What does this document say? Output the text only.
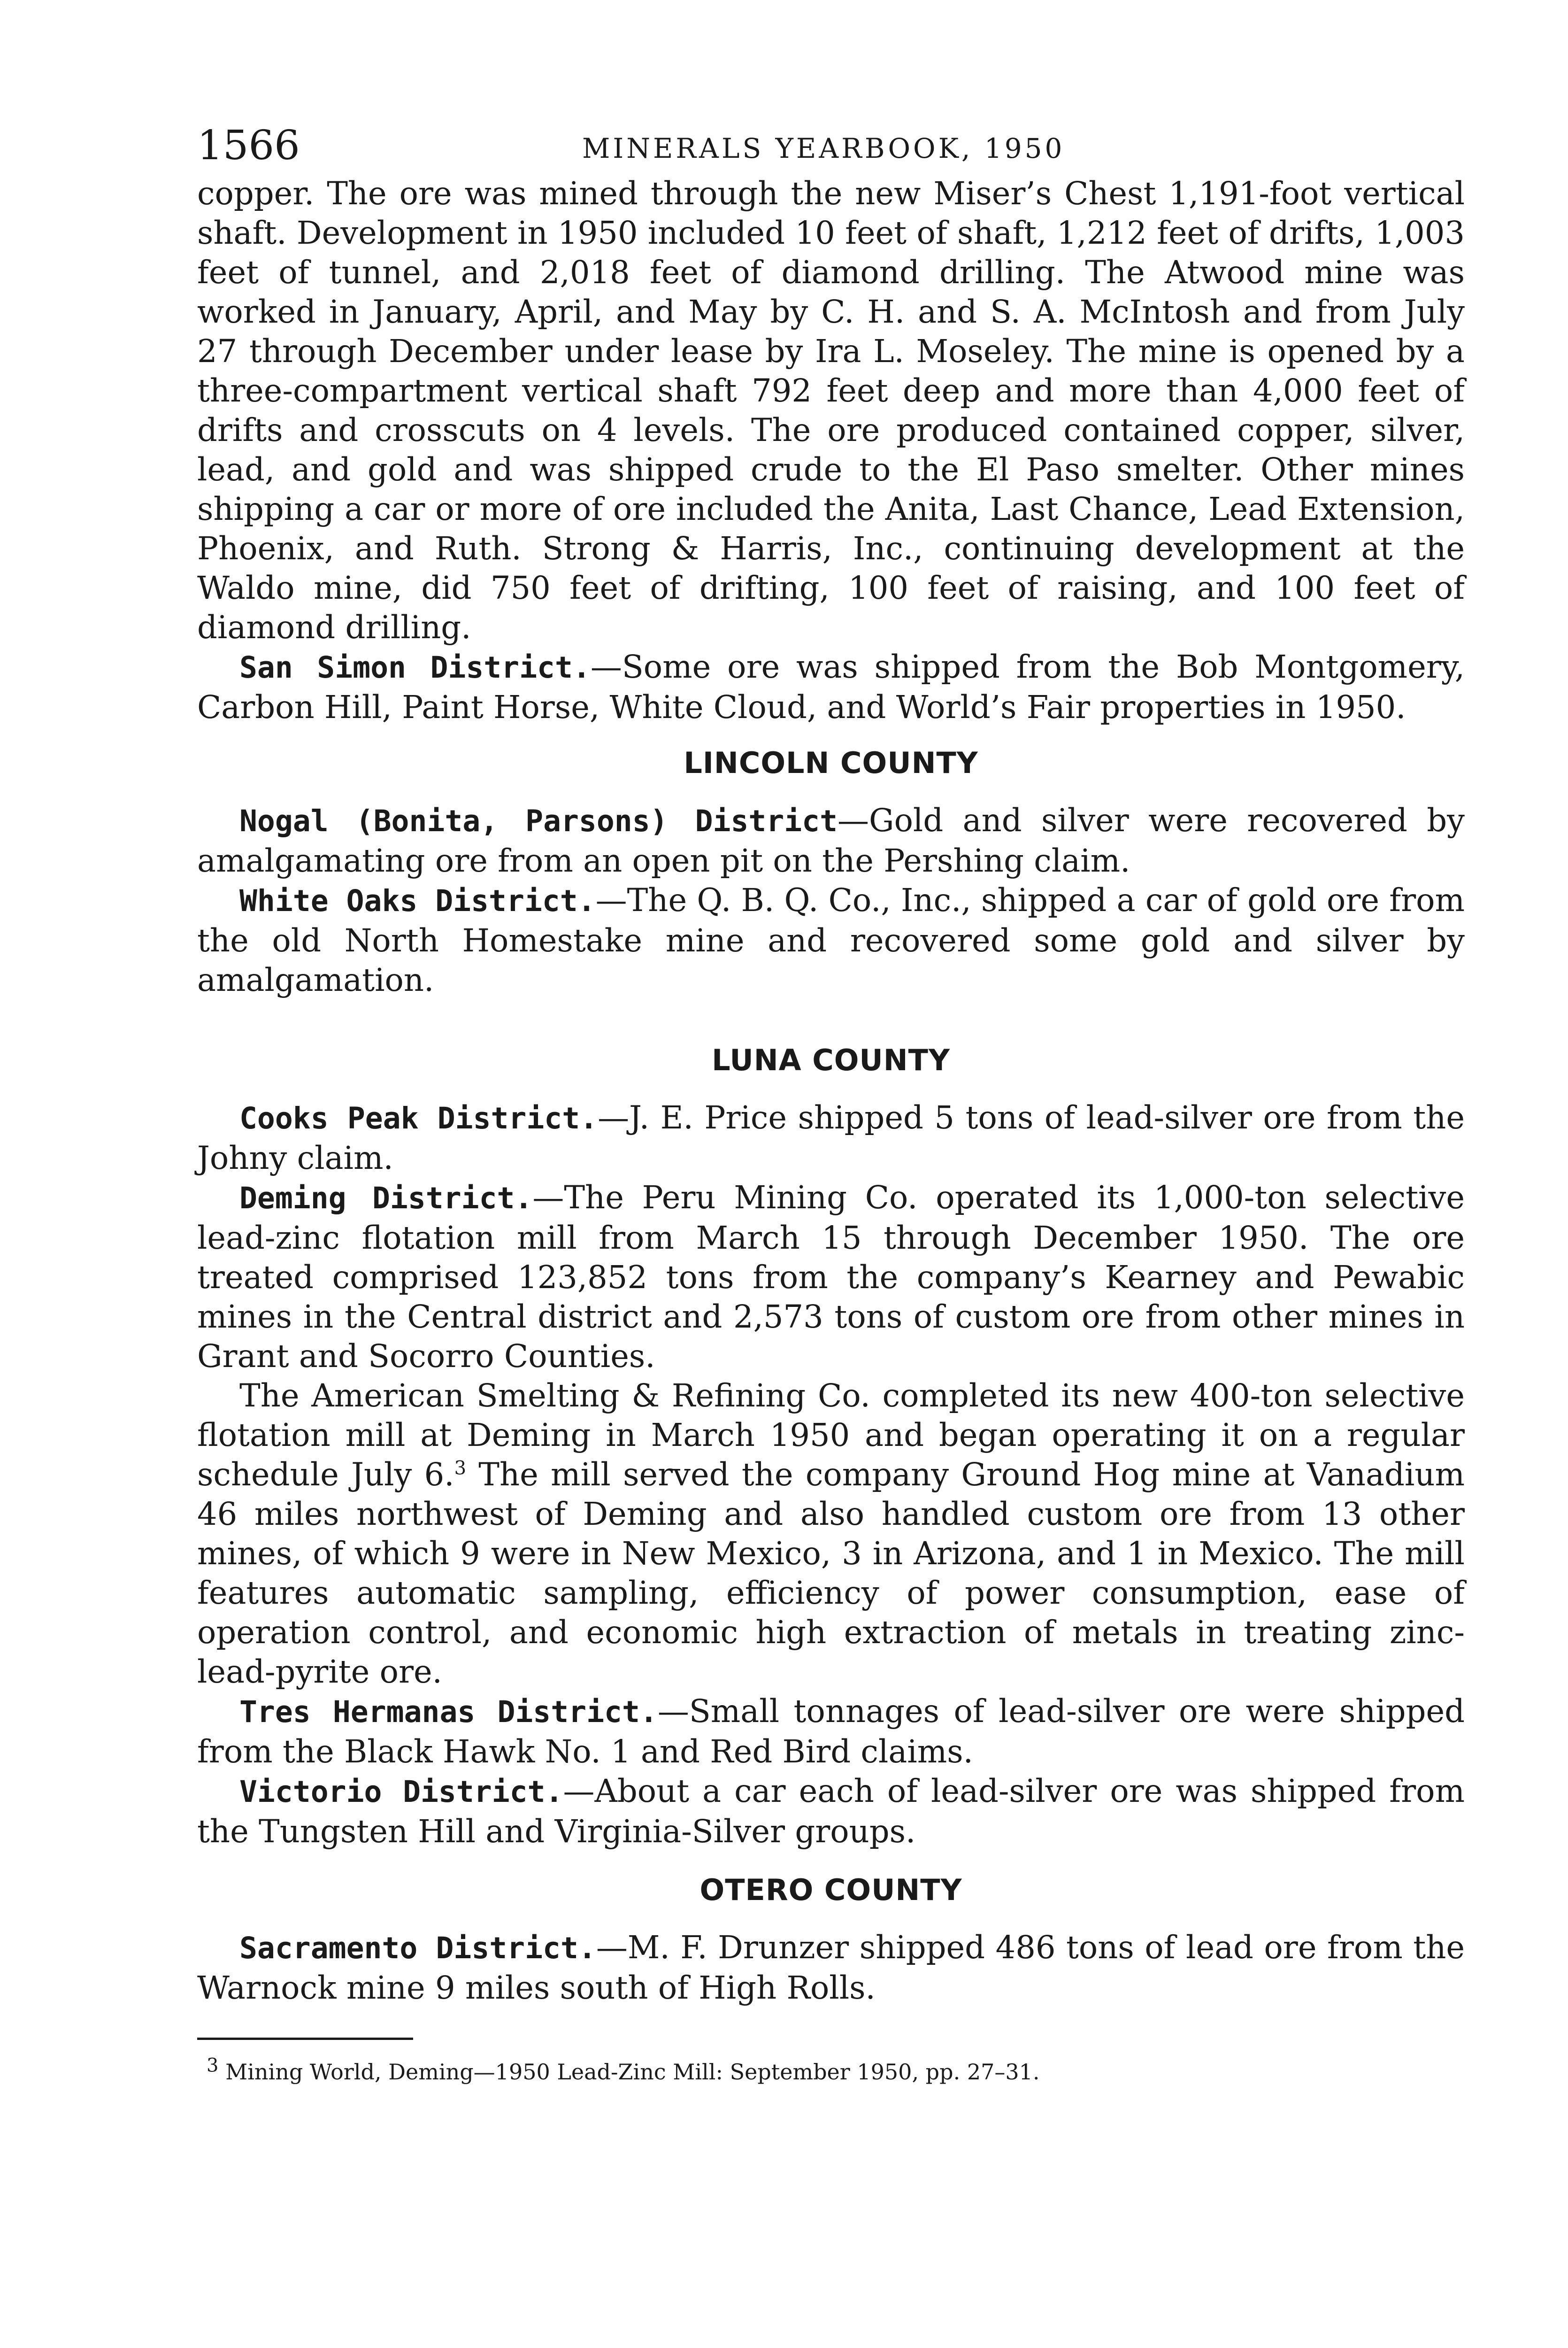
1566	MINERALS YEARBOOK, 1950

copper. The ore was mined through the new Miser’s Chest 1,191-foot vertical shaft. Development in 1950 included 10 feet of shaft, 1,212 feet of drifts, 1,003 feet of tunnel, and 2,018 feet of diamond drilling. The Atwood mine was worked in January, April, and May by C. H. and S. A. McIntosh and from July 27 through December under lease by Ira L. Moseley. The mine is opened by a three-compartment vertical shaft 792 feet deep and more than 4,000 feet of drifts and crosscuts on 4 levels. The ore produced contained copper, silver, lead, and gold and was shipped crude to the El Paso smelter. Other mines shipping a car or more of ore included the Anita, Last Chance, Lead Extension, Phoenix, and Ruth. Strong & Harris, Inc., continuing development at the Waldo mine, did 750 feet of drifting, 100 feet of raising, and 100 feet of diamond drilling.

San Simon District.—Some ore was shipped from the Bob Montgomery, Carbon Hill, Paint Horse, White Cloud, and World’s Fair properties in 1950.

LINCOLN COUNTY

Nogal (Bonita, Parsons) District—Gold and silver were recovered by amalgamating ore from an open pit on the Pershing claim.

White Oaks District.—The Q. B. Q. Co., Inc., shipped a car of gold ore from the old North Homestake mine and recovered some gold and silver by amalgamation.

LUNA COUNTY

Cooks Peak District.—J. E. Price shipped 5 tons of lead-silver ore from the Johny claim.

Deming District.—The Peru Mining Co. operated its 1,000-ton selective lead-zinc flotation mill from March 15 through December 1950. The ore treated comprised 123,852 tons from the company’s Kearney and Pewabic mines in the Central district and 2,573 tons of custom ore from other mines in Grant and Socorro Counties.

The American Smelting & Refining Co. completed its new 400-ton selective flotation mill at Deming in March 1950 and began operating it on a regular schedule July 6.$^3$ The mill served the company Ground Hog mine at Vanadium 46 miles northwest of Deming and also handled custom ore from 13 other mines, of which 9 were in New Mexico, 3 in Arizona, and 1 in Mexico. The mill features automatic sampling, efficiency of power consumption, ease of operation control, and economic high extraction of metals in treating zinc-lead-pyrite ore.

Tres Hermanas District.—Small tonnages of lead-silver ore were shipped from the Black Hawk No. 1 and Red Bird claims.

Victorio District.—About a car each of lead-silver ore was shipped from the Tungsten Hill and Virginia-Silver groups.

OTERO COUNTY

Sacramento District.—M. F. Drunzer shipped 486 tons of lead ore from the Warnock mine 9 miles south of High Rolls.

$^3$ Mining World, Deming—1950 Lead-Zinc Mill: September 1950, pp. 27–31.
